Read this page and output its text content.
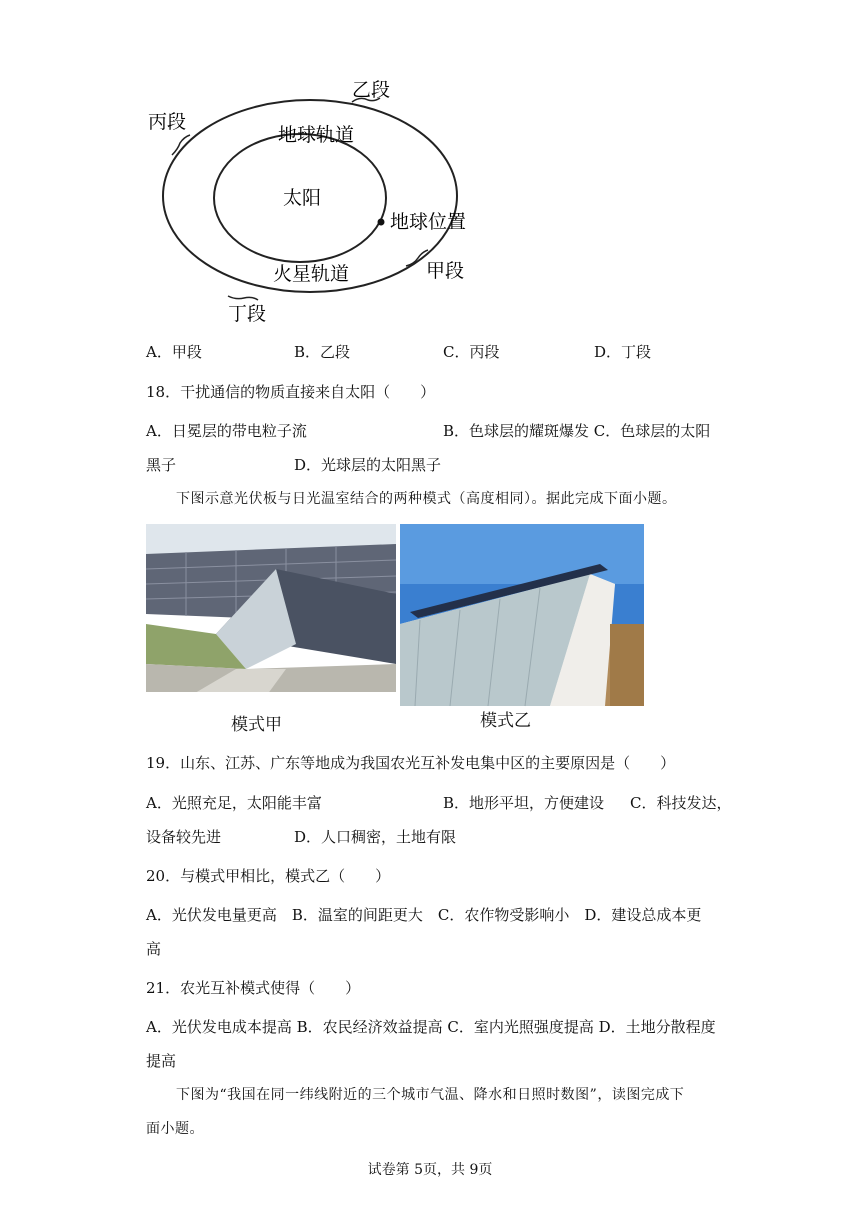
太阳
地球轨道
火星轨道
地球位置
乙段
丙段
甲段
丁段
A．甲段	B．乙段	C．丙段	D．丁段
18．干扰通信的物质直接来自太阳（　　）
A．日冕层的带电粒子流	B．色球层的耀斑爆发 C．色球层的太阳
黑子	D．光球层的太阳黑子
下图示意光伏板与日光温室结合的两种模式（高度相同）。据此完成下面小题。
模式甲	模式乙
19．山东、江苏、广东等地成为我国农光互补发电集中区的主要原因是（　　）
A．光照充足，太阳能丰富	B．地形平坦，方便建设 C．科技发达，
设备较先进	D．人口稠密，土地有限
20．与模式甲相比，模式乙（　　）
A．光伏发电量更高　B．温室的间距更大　C．农作物受影响小　D．建设总成本更
高
21．农光互补模式使得（　　）
A．光伏发电成本提高 B．农民经济效益提高 C．室内光照强度提高 D．土地分散程度
提高
下图为“我国在同一纬线附近的三个城市气温、降水和日照时数图”，读图完成下
面小题。
试卷第 5页，共 9页
